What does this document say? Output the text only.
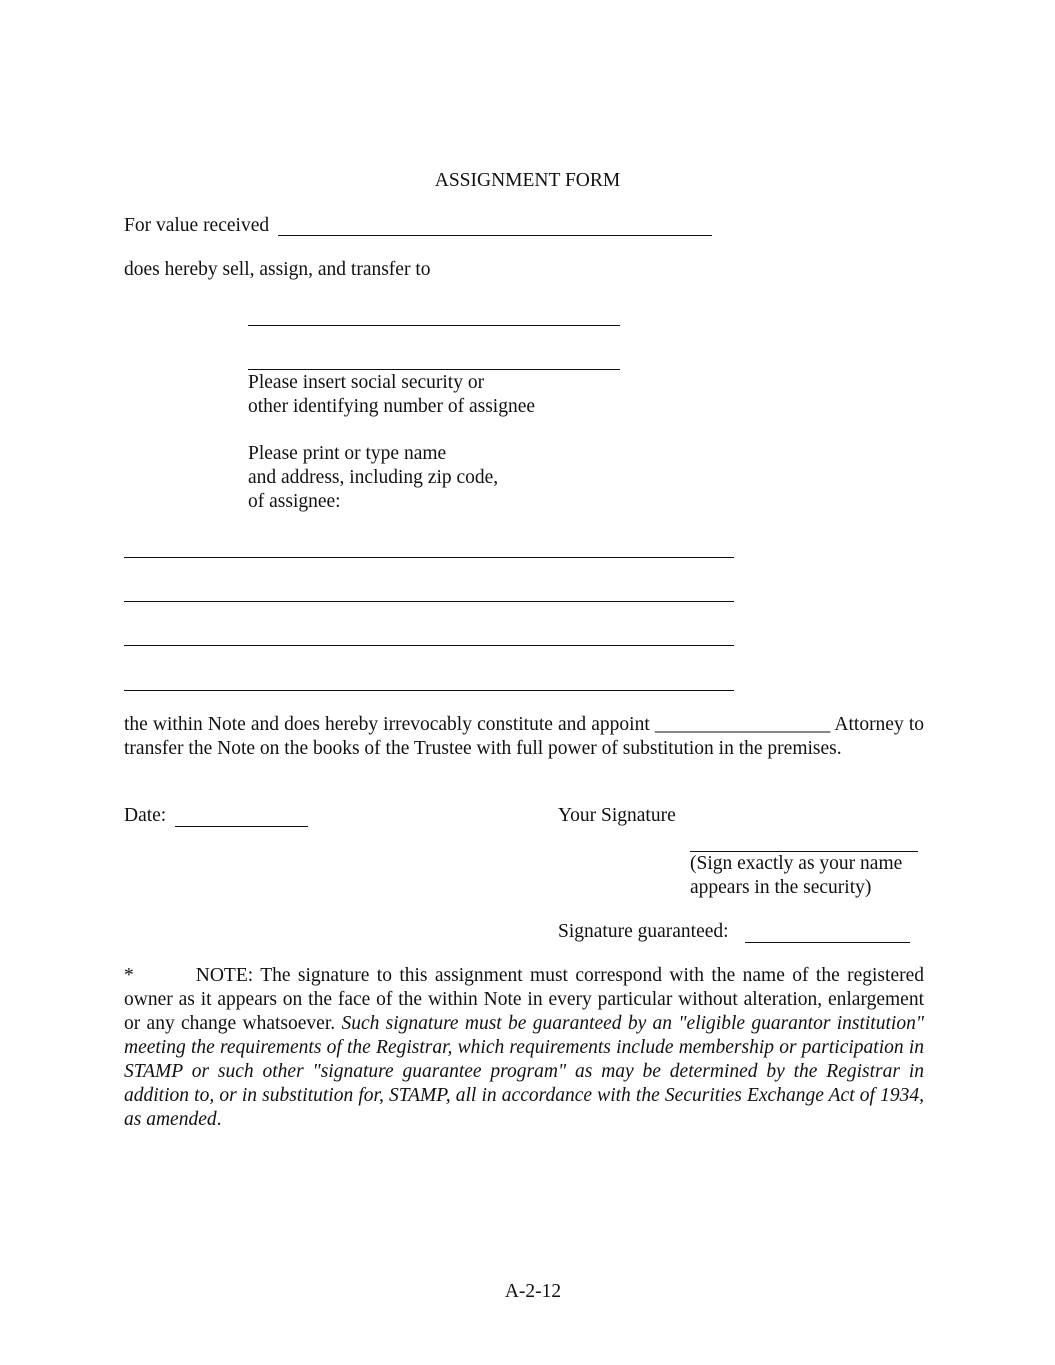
ASSIGNMENT FORM
For value received
does hereby sell, assign, and transfer to
Please insert social security or
other identifying number of assignee
Please print or type name
and address, including zip code,
of assignee:
the within Note and does hereby irrevocably constitute and appoint __________________ Attorney to transfer the Note on the books of the Trustee with full power of substitution in the premises.
Date:	Your Signature
(Sign exactly as your name
appears in the security)
Signature guaranteed:
*	NOTE: The signature to this assignment must correspond with the name of the registered owner as it appears on the face of the within Note in every particular without alteration, enlargement or any change whatsoever. Such signature must be guaranteed by an "eligible guarantor institution" meeting the requirements of the Registrar, which requirements include membership or participation in STAMP or such other "signature guarantee program" as may be determined by the Registrar in addition to, or in substitution for, STAMP, all in accordance with the Securities Exchange Act of 1934, as amended.
A-2-12
